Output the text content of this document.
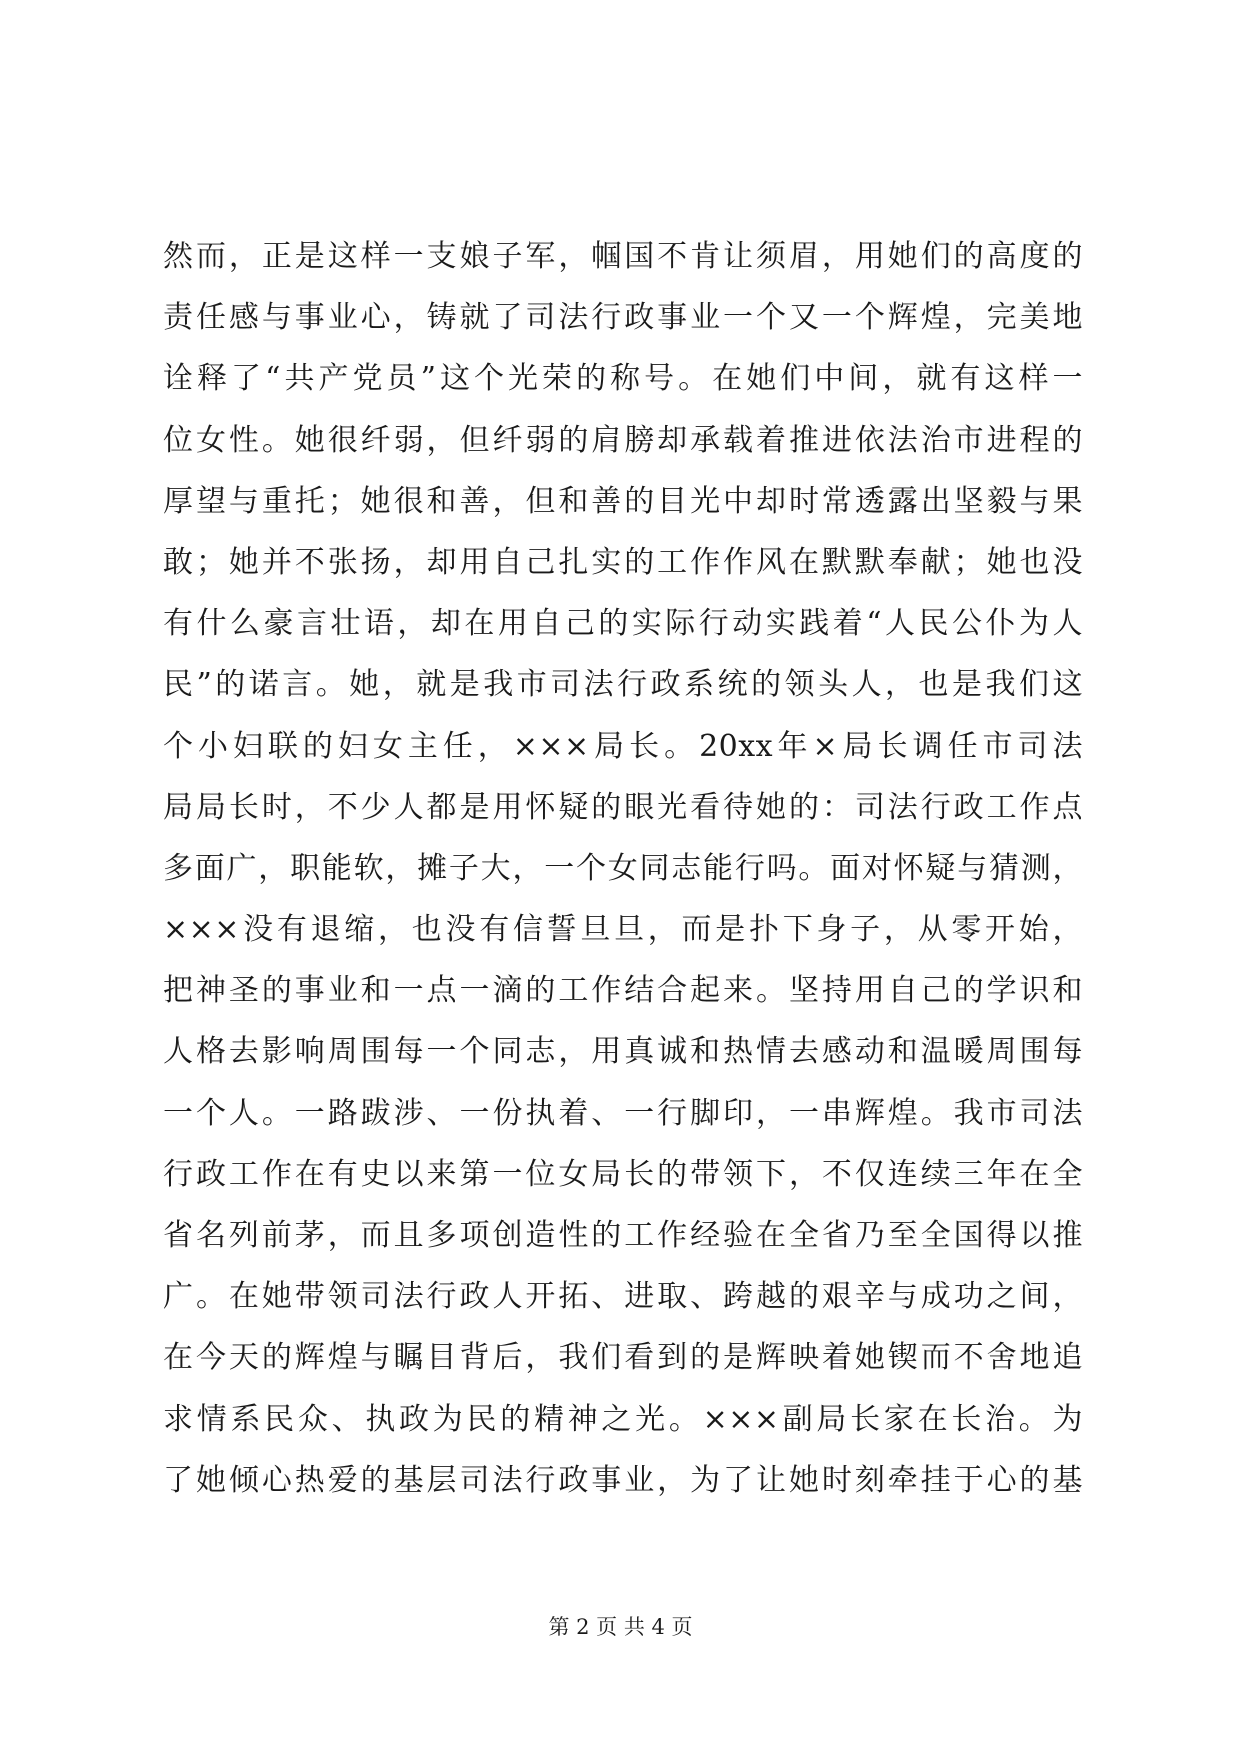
然而，正是这样一支娘子军，帼国不肯让须眉，用她们的高度的
责任感与事业心，铸就了司法行政事业一个又一个辉煌，完美地
诠释了“共产党员”这个光荣的称号。在她们中间，就有这样一
位女性。她很纤弱，但纤弱的肩膀却承载着推进依法治市进程的
厚望与重托；她很和善，但和善的目光中却时常透露出坚毅与果
敢；她并不张扬，却用自己扎实的工作作风在默默奉献；她也没
有什么豪言壮语，却在用自己的实际行动实践着“人民公仆为人
民”的诺言。她，就是我市司法行政系统的领头人，也是我们这
个小妇联的妇女主任，×××局长。20xx年×局长调任市司法
局局长时，不少人都是用怀疑的眼光看待她的：司法行政工作点
多面广，职能软，摊子大，一个女同志能行吗。面对怀疑与猜测，
×××没有退缩，也没有信誓旦旦，而是扑下身子，从零开始，
把神圣的事业和一点一滴的工作结合起来。坚持用自己的学识和
人格去影响周围每一个同志，用真诚和热情去感动和温暖周围每
一个人。一路跋涉、一份执着、一行脚印，一串辉煌。我市司法
行政工作在有史以来第一位女局长的带领下，不仅连续三年在全
省名列前茅，而且多项创造性的工作经验在全省乃至全国得以推
广。在她带领司法行政人开拓、进取、跨越的艰辛与成功之间，
在今天的辉煌与瞩目背后，我们看到的是辉映着她锲而不舍地追
求情系民众、执政为民的精神之光。×××副局长家在长治。为
了她倾心热爱的基层司法行政事业，为了让她时刻牵挂于心的基
第 2 页 共 4 页
